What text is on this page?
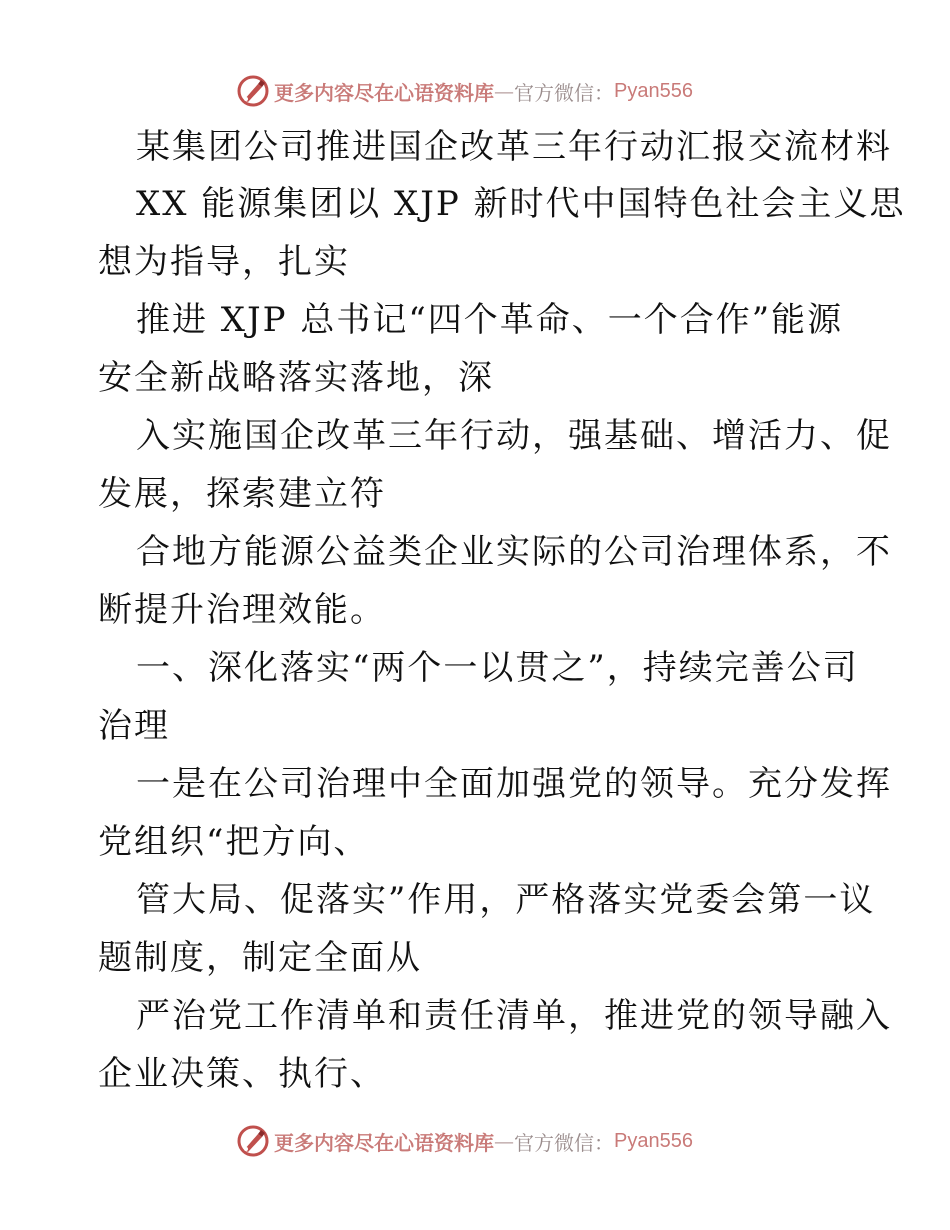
更多内容尽在心语资料库 — 官方微信： Pyan556
某集团公司推进国企改革三年行动汇报交流材料
XX 能源集团以 XJP 新时代中国特色社会主义思
想为指导，扎实
推进 XJP 总书记“四个革命、一个合作”能源
安全新战略落实落地，深
入实施国企改革三年行动，强基础、增活力、促
发展，探索建立符
合地方能源公益类企业实际的公司治理体系，不
断提升治理效能。
一、深化落实“两个一以贯之”，持续完善公司
治理
一是在公司治理中全面加强党的领导。充分发挥
党组织“把方向、
管大局、促落实”作用，严格落实党委会第一议
题制度，制定全面从
严治党工作清单和责任清单，推进党的领导融入
企业决策、执行、
更多内容尽在心语资料库 — 官方微信： Pyan556
